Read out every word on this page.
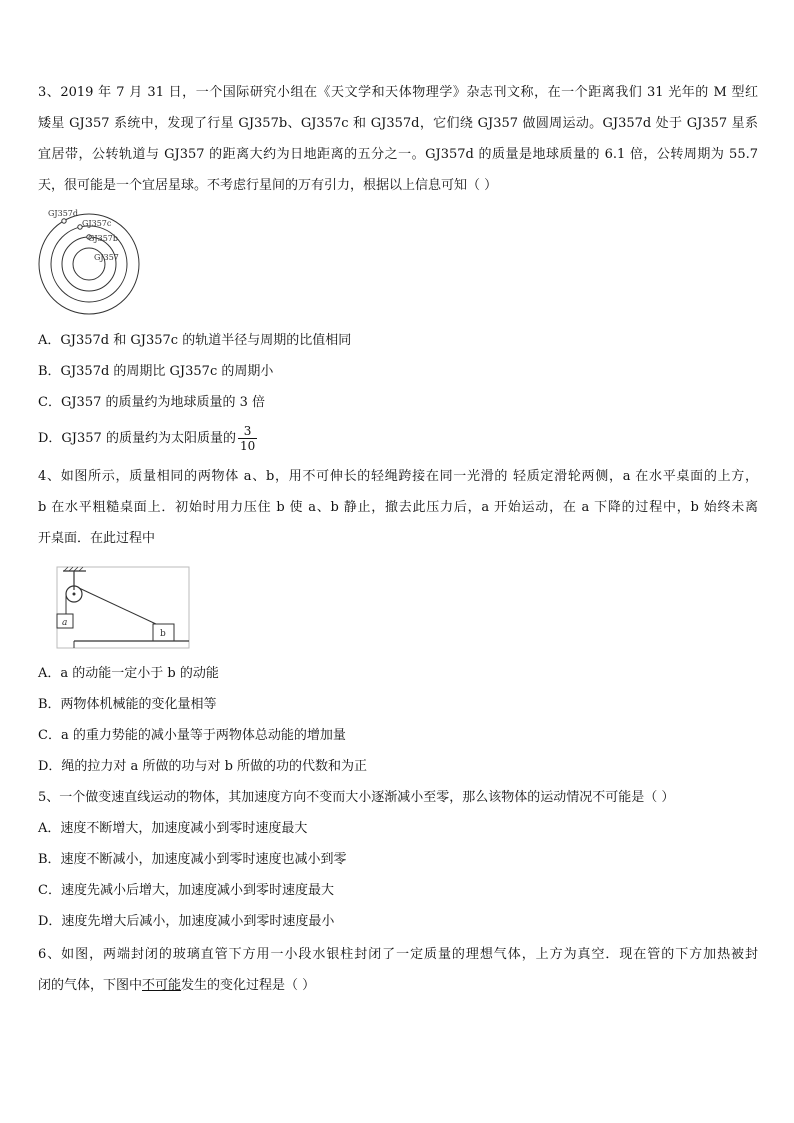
3、2019 年 7 月 31 日，一个国际研究小组在《天文学和天体物理学》杂志刊文称，在一个距离我们 31 光年的 M 型红
矮星 GJ357 系统中，发现了行星 GJ357b、GJ357c 和 GJ357d，它们绕 GJ357 做圆周运动。GJ357d 处于 GJ357 星系
宜居带，公转轨道与 GJ357 的距离大约为日地距离的五分之一。GJ357d 的质量是地球质量的 6.1 倍，公转周期为 55.7
天，很可能是一个宜居星球。不考虑行星间的万有引力，根据以上信息可知（ ）
GJ357d
GJ357c
GJ357b
GJ357
A．GJ357d 和 GJ357c 的轨道半径与周期的比值相同
B．GJ357d 的周期比 GJ357c 的周期小
C．GJ357 的质量约为地球质量的 3 倍
D．GJ357 的质量约为太阳质量的 $\frac{3}{10}$
4、如图所示，质量相同的两物体 a、b，用不可伸长的轻绳跨接在同一光滑的 轻质定滑轮两侧，a 在水平桌面的上方，
b 在水平粗糙桌面上．初始时用力压住 b 使 a、b 静止，撤去此压力后，a 开始运动，在 a 下降的过程中，b 始终未离
开桌面．在此过程中
a
b
A．a 的动能一定小于 b 的动能
B．两物体机械能的变化量相等
C．a 的重力势能的减小量等于两物体总动能的增加量
D．绳的拉力对 a 所做的功与对 b 所做的功的代数和为正
5、一个做变速直线运动的物体，其加速度方向不变而大小逐渐减小至零，那么该物体的运动情况不可能是（ ）
A．速度不断增大，加速度减小到零时速度最大
B．速度不断减小，加速度减小到零时速度也减小到零
C．速度先减小后增大，加速度减小到零时速度最大
D．速度先增大后减小，加速度减小到零时速度最小
6、如图，两端封闭的玻璃直管下方用一小段水银柱封闭了一定质量的理想气体，上方为真空．现在管的下方加热被封
闭的气体，下图中不可能发生的变化过程是（ ）
